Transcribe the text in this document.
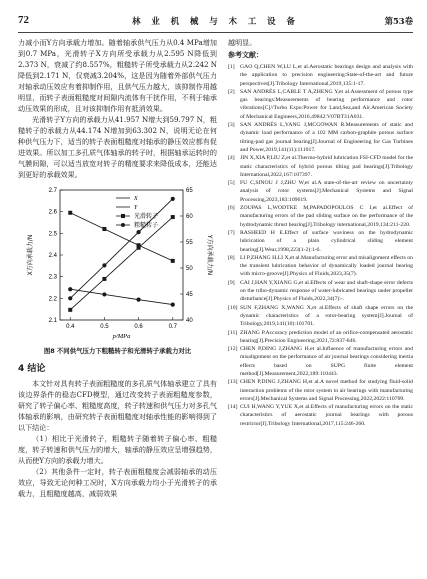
72	林 业 机 械 与 木 工 设 备	第53卷

力减小而Y方向承载力增加。随着轴承供气压力从0.4 MPa增加到0.7 MPa，光滑转子X方向所受承载力从2.595 N降低到2.373 N，衰减了约8.557%，粗糙转子所受承载力从2.242 N降低到2.171 N，仅衰减3.204%，这是因为随着外部供气压力对轴承动压效应有着抑制作用，且供气压力越大，该抑制作用越明显，而转子表面粗糙度对间隙内流体有干扰作用，不利于轴承动压效果的形成，且对该抑制作用有抵消效果。

光滑转子Y方向的承载力从41.957 N增大到59.797 N，粗糙转子的承载力从44.174 N增加到63.302 N，说明无论在何种供气压力下，适当的转子表面粗糙度对轴承的静压效应都有促进效果。所以加工多孔质气体轴承的转子时，根据轴承运转时的气膜间隙，可以适当放宽对转子的精度要求来降低成本，还能达到更好的承载效果。

0.4	0.5	0.6	0.7
p/MPa
2.1
2.2
2.3
2.4
2.5
2.6
2.7
X方向承载力/N
40
45
50
55
60
65
Y方向承载力/N
X
Y
光滑转子
粗糙转子
图8 不同供气压力下粗糙转子和光滑转子承载力对比
4 结论

本文针对具有转子表面粗糙度的多孔质气体轴承建立了具有该边界条件的稳态CFD模型，通过改变转子表面粗糙度参数，研究了转子偏心率、粗糙度高度，转子转速和供气压力对多孔气体轴承的影响，由研究转子表面粗糙度对轴承性能的影响得到了以下结论：

（1）相比于光滑转子，粗糙转子随着转子偏心率、粗糙度，转子转速和供气压力的增大，轴承的静压效应呈增强趋势，从而使Y方向的承载力增大。

（2）其他条件一定时，转子表面粗糙度会减弱轴承的动压效应，导致无论何种工况时，X方向承载力均小于光滑转子的承载力，且粗糙度越高，减弱效果

越明显。

参考文献：
[1] GAO Q,CHEN W,LU L,et al.Aerostatic bearings design and analysis with the application to precision engineering:State-of-the-art and future perspectives[J].Tribology International,2019,135:1-17.
[2] SAN ANDRÉS L,CABLE T A,ZHENG Y,et al.Assessment of porous type gas bearings:Measurements of bearing performance and rotor vibrations[C]//Turbo Expo:Power for Land,Sea,and Air.American Society of Mechanical Engineers,2016,49842:V07BT31A031.
[3] SAN ANDRÉS L,YANG J,MCGOWAN R.Measurements of static and dynamic load performance of a 102 MM carbon-graphite porous surface tilting-pad gas journal bearing[J].Journal of Engineering for Gas Turbines and Power,2019,141(11):111017.
[4] JIN X,XIA P,LIU Z,et al.Thermo-hybrid lubrication FSI-CFD model for the static characteristics of hybrid porous tilting pad bearings[J].Tribology International,2022,167:107397.
[5] FU C,SINOU J J,ZHU W,et al.A state-of-the-art review on uncertainty analysis of rotor systems[J].Mechanical Systems and Signal Processing,2023,183:109619.
[6] ZOUPAS L,WODTKE M,PAPADOPOULOS C I,et al.Effect of manufacturing errors of the pad sliding surface on the performance of the hydrodynamic thrust bearing[J].Tribology international,2019,134:211-220.
[7] RASHEED H E.Effect of surface waviness on the hydrodynamic lubrication of a plain cylindrical sliding element bearing[J].Wear,1998,223(1-2):1-6.
[8] LI P,ZHANG H,LI X,et al.Manufacturing error and misalignment effects on the transient lubrication behavior of dynamically loaded journal bearing with micro-groove[J].Physics of Fluids,2023,35(7).
[9] CAI J,HAN Y,XIANG G,et al.Effects of wear and shaft-shape error defects on the tribo-dynamic response of water-lubricated bearings under propeller disturbance[J].Physics of Fluids,2022,34(7):-.
[10] SUN F,ZHANG X,WANG X,et al.Effects of shaft shape errors on the dynamic characteristics of a rotor-bearing system[J].Journal of Tribology,2019,141(10):101701.
[11] ZHANG P.Accuracy prediction model of an orifice-compensated aerostatic bearing[J].Precision Engineering,2021,72:837-846.
[12] CHEN P,DING J,ZHANG H.et al.Influence of manufacturing errors and misalignment on the performance of air journal bearings considering inertia effects based on SUPG finite element method[J].Measurement,2022,189:110443.
[13] CHEN P,DING J,ZHANG H,et al.A novel method for studying fluid-solid interaction problems of the rotor system in air bearings with manufacturing errors[J].Mechanical Systems and Signal Processing,2022,2022:110709.
[14] CUI H,WANG Y,YUE X,et al.Effects of manufacturing errors on the static characteristics of aerostatic journal bearings with porous restrictor[J].Tribology International,2017,115:246-260.
